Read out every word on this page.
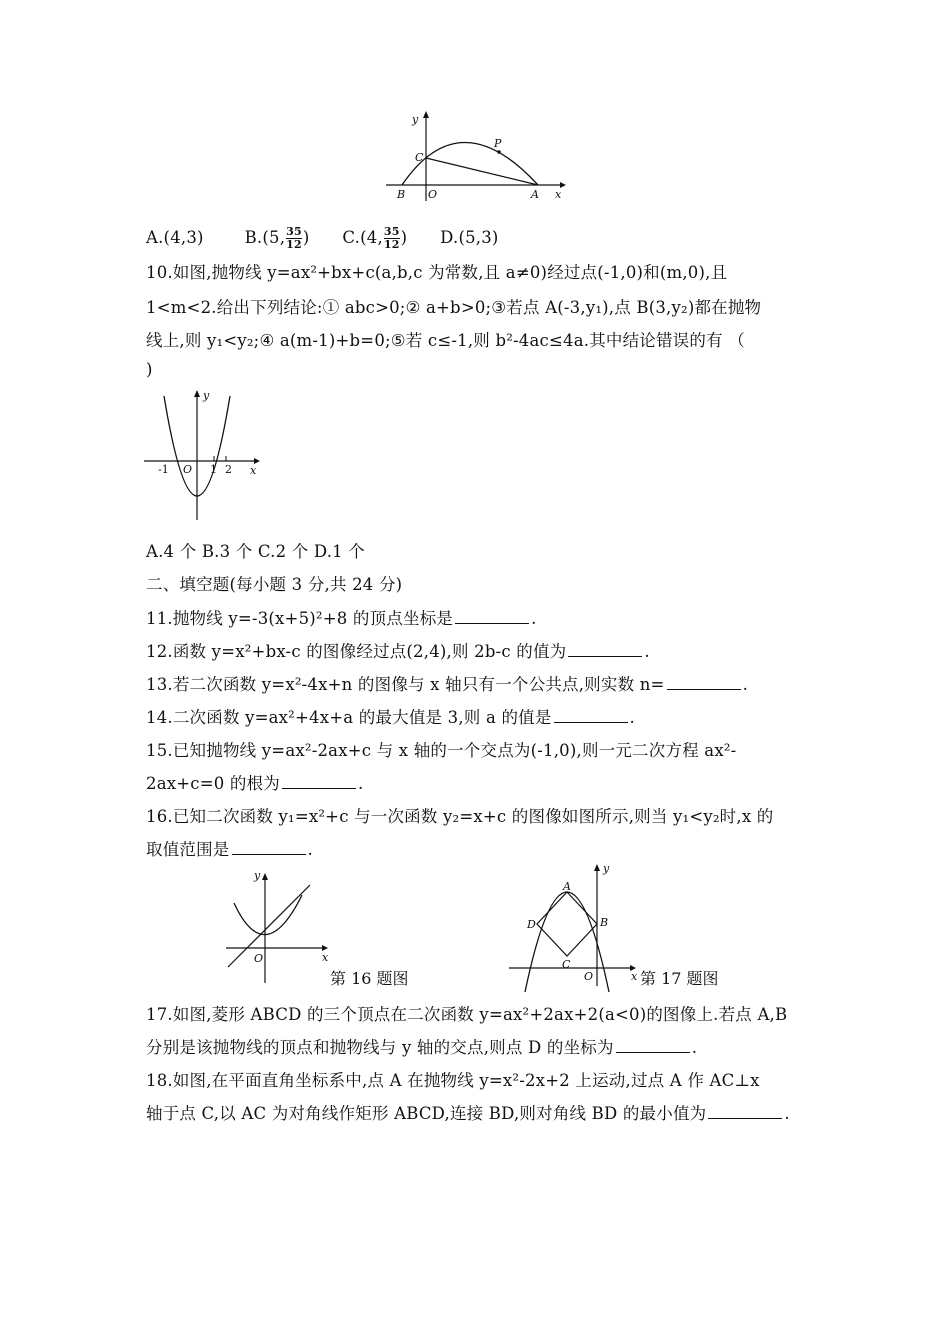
y
P
C
B O	A x
A.(4,3) B.(5, $\frac{35}{12}$ ) C.(4, $\frac{35}{12}$ ) D.(5,3)
10.如图,抛物线 y=ax²+bx+c(a,b,c 为常数,且 a≠0)经过点(-1,0)和(m,0),且
1<m<2.给出下列结论:① abc>0;② a+b>0;③若点 A(-3,y₁),点 B(3,y₂)都在抛物
线上,则 y₁<y₂;④ a(m-1)+b=0;⑤若 c≤-1,则 b²-4ac≤4a.其中结论错误的有 （
)
y
x
O
-1	1 2
A.4 个 B.3 个 C.2 个 D.1 个
二、填空题(每小题 3 分,共 24 分)
11.抛物线 y=-3(x+5)²+8 的顶点坐标是	.
12.函数 y=x²+bx-c 的图像经过点(2,4),则 2b-c 的值为	.
13.若二次函数 y=x²-4x+n 的图像与 x 轴只有一个公共点,则实数 n=	.
14.二次函数 y=ax²+4x+a 的最大值是 3,则 a 的值是	.
15.已知抛物线 y=ax²-2ax+c 与 x 轴的一个交点为(-1,0),则一元二次方程 ax²-
2ax+c=0 的根为	.
16.已知二次函数 y₁=x²+c 与一次函数 y₂=x+c 的图像如图所示,则当 y₁<y₂时,x 的
取值范围是	.
y
x
O
第 16 题图
y
x
O
A
B
C
D
第 17 题图
17.如图,菱形 ABCD 的三个顶点在二次函数 y=ax²+2ax+2(a<0)的图像上.若点 A,B
分别是该抛物线的顶点和抛物线与 y 轴的交点,则点 D 的坐标为	.
18.如图,在平面直角坐标系中,点 A 在抛物线 y=x²-2x+2 上运动,过点 A 作 AC⊥x
轴于点 C,以 AC 为对角线作矩形 ABCD,连接 BD,则对角线 BD 的最小值为	.
